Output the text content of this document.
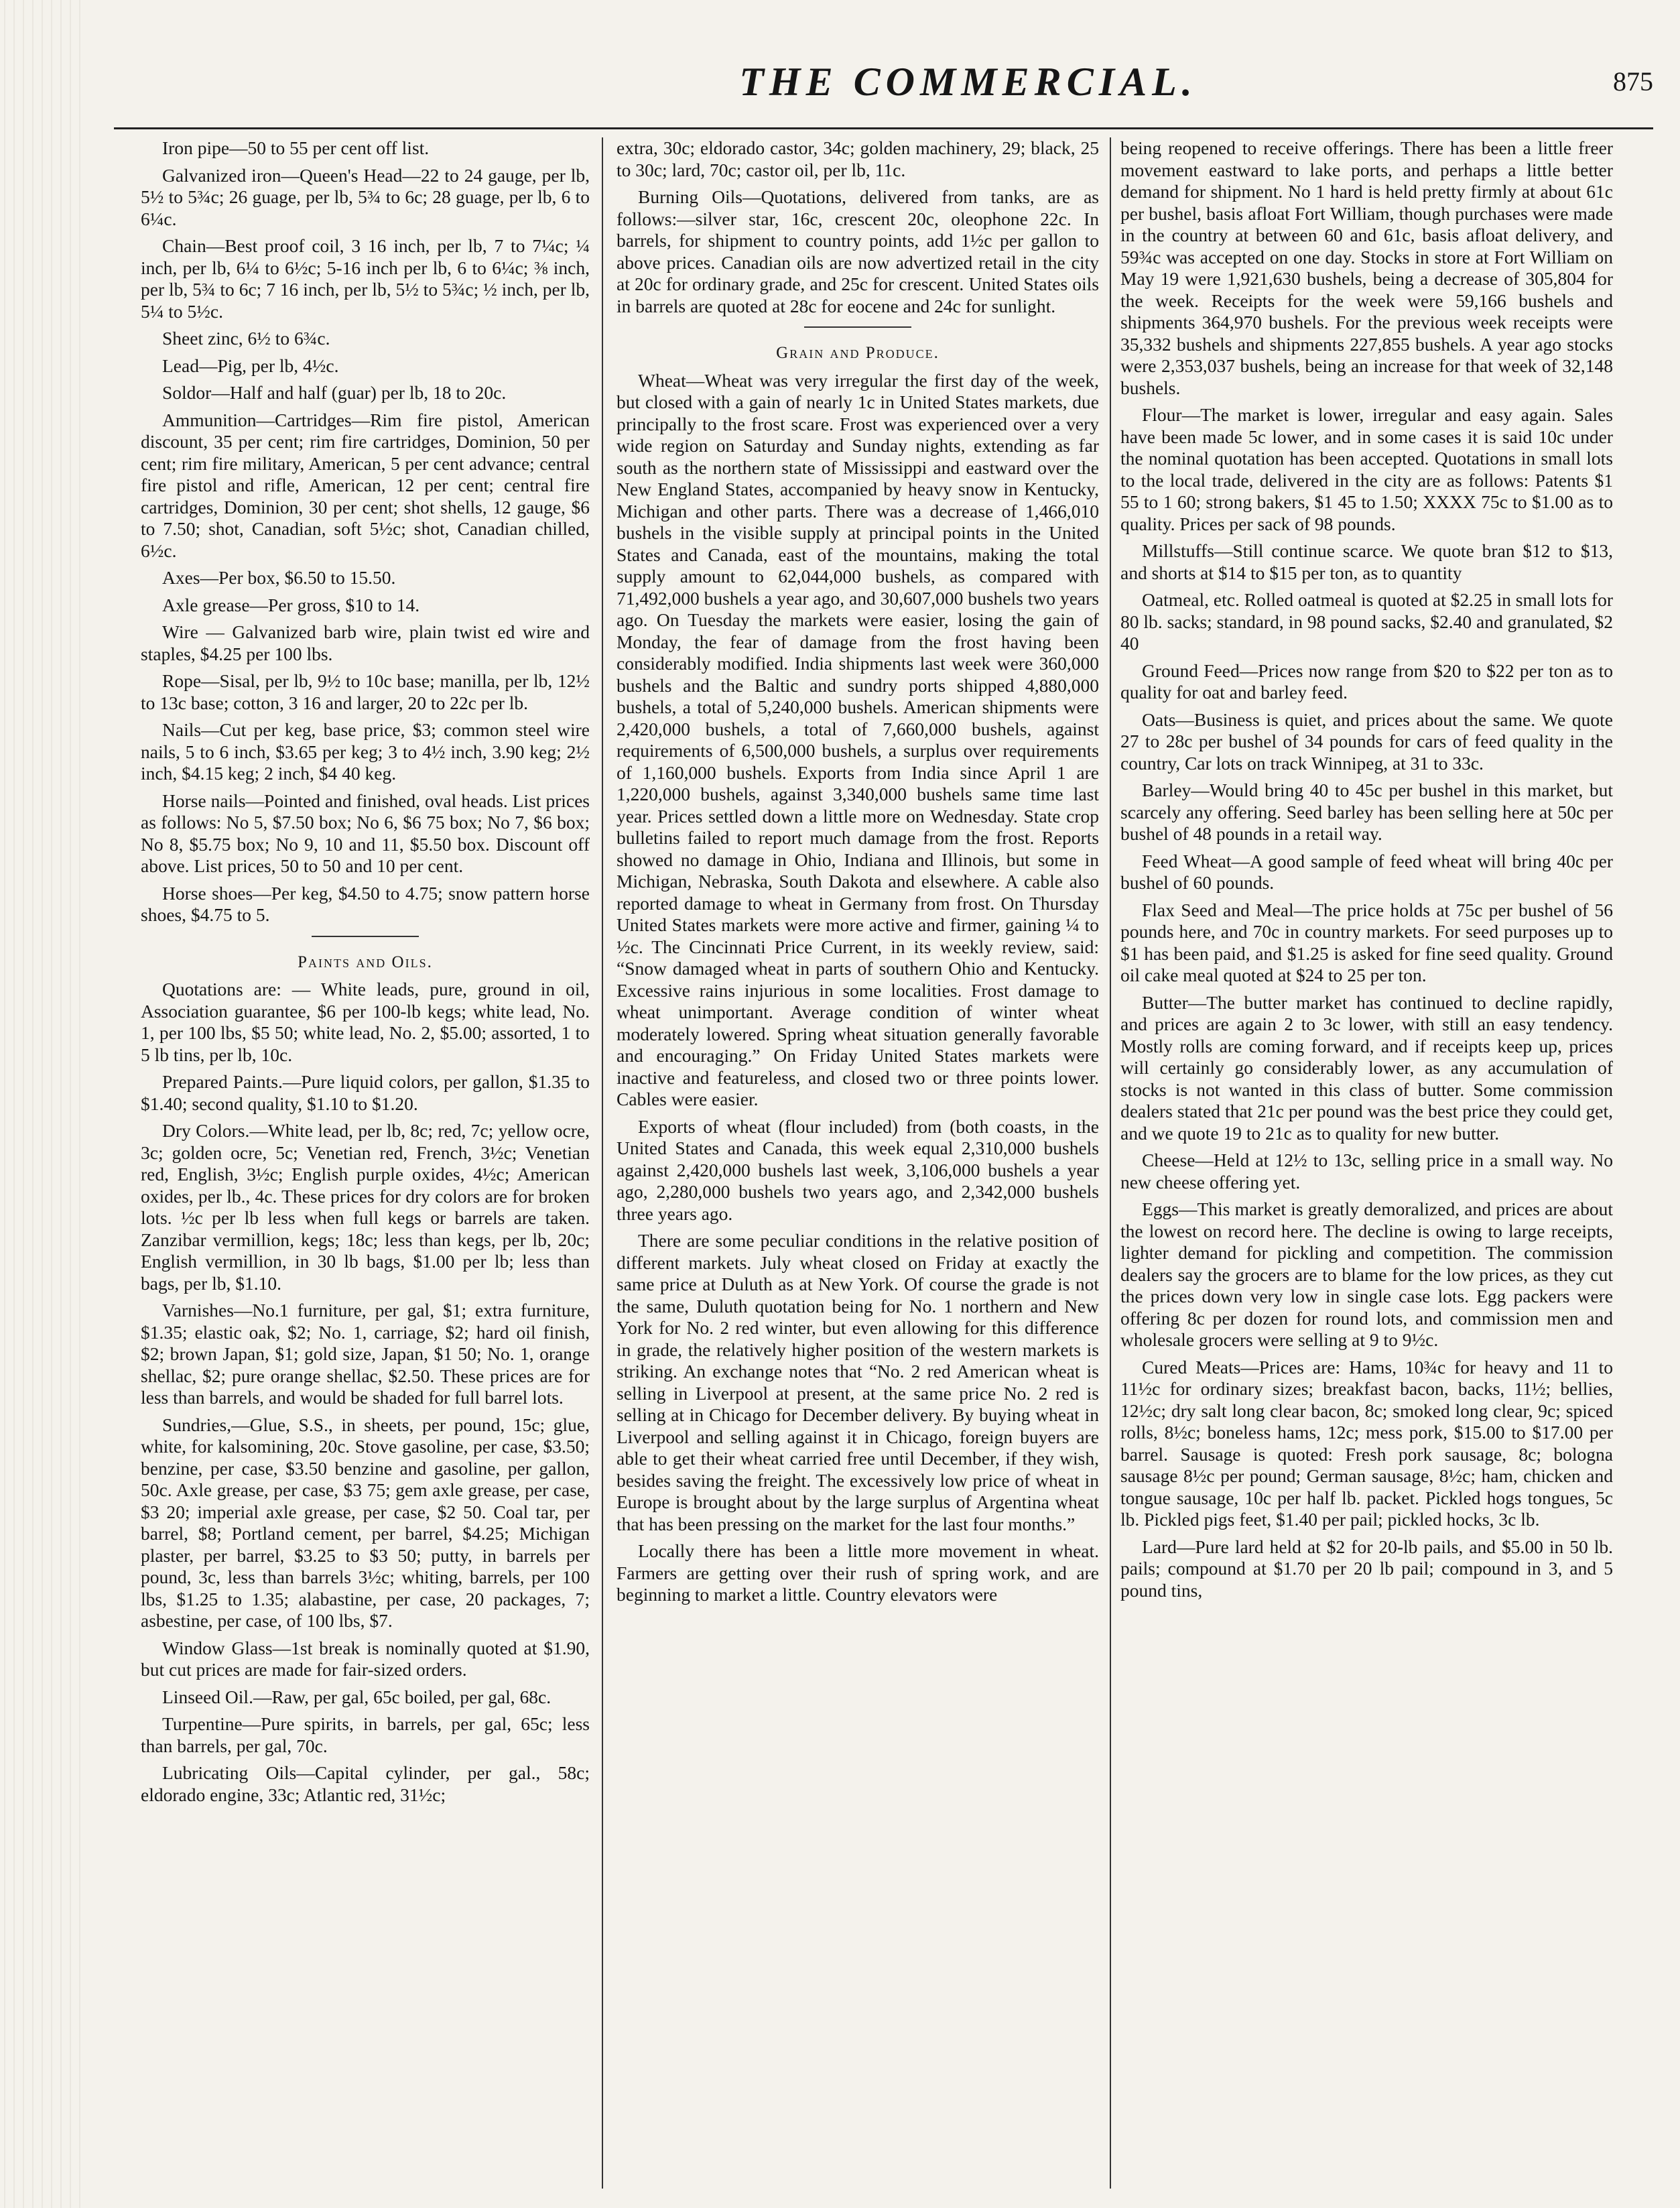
THE COMMERCIAL.	875

Iron pipe—50 to 55 per cent off list.

Galvanized iron—Queen's Head—22 to 24 gauge, per lb, 5½ to 5¾c; 26 guage, per lb, 5¾ to 6c; 28 guage, per lb, 6 to 6¼c.

Chain—Best proof coil, 3 16 inch, per lb, 7 to 7¼c; ¼ inch, per lb, 6¼ to 6½c; 5-16 inch per lb, 6 to 6¼c; ⅜ inch, per lb, 5¾ to 6c; 7 16 inch, per lb, 5½ to 5¾c; ½ inch, per lb, 5¼ to 5½c.

Sheet zinc, 6½ to 6¾c.

Lead—Pig, per lb, 4½c.

Soldor—Half and half (guar) per lb, 18 to 20c.

Ammunition—Cartridges—Rim fire pistol, American discount, 35 per cent; rim fire cartridges, Dominion, 50 per cent; rim fire military, American, 5 per cent advance; central fire pistol and rifle, American, 12 per cent; central fire cartridges, Dominion, 30 per cent; shot shells, 12 gauge, $6 to 7.50; shot, Canadian, soft 5½c; shot, Canadian chilled, 6½c.

Axes—Per box, $6.50 to 15.50.

Axle grease—Per gross, $10 to 14.

Wire — Galvanized barb wire, plain twist ed wire and staples, $4.25 per 100 lbs.

Rope—Sisal, per lb, 9½ to 10c base; manilla, per lb, 12½ to 13c base; cotton, 3 16 and larger, 20 to 22c per lb.

Nails—Cut per keg, base price, $3; common steel wire nails, 5 to 6 inch, $3.65 per keg; 3 to 4½ inch, 3.90 keg; 2½ inch, $4.15 keg; 2 inch, $4 40 keg.

Horse nails—Pointed and finished, oval heads. List prices as follows: No 5, $7.50 box; No 6, $6 75 box; No 7, $6 box; No 8, $5.75 box; No 9, 10 and 11, $5.50 box. Discount off above. List prices, 50 to 50 and 10 per cent.

Horse shoes—Per keg, $4.50 to 4.75; snow pattern horse shoes, $4.75 to 5.

Paints and Oils.

Quotations are: — White leads, pure, ground in oil, Association guarantee, $6 per 100-lb kegs; white lead, No. 1, per 100 lbs, $5 50; white lead, No. 2, $5.00; assorted, 1 to 5 lb tins, per lb, 10c.

Prepared Paints.—Pure liquid colors, per gallon, $1.35 to $1.40; second quality, $1.10 to $1.20.

Dry Colors.—White lead, per lb, 8c; red, 7c; yellow ocre, 3c; golden ocre, 5c; Venetian red, French, 3½c; Venetian red, English, 3½c; English purple oxides, 4½c; American oxides, per lb., 4c. These prices for dry colors are for broken lots. ½c per lb less when full kegs or barrels are taken. Zanzibar vermillion, kegs; 18c; less than kegs, per lb, 20c; English vermillion, in 30 lb bags, $1.00 per lb; less than bags, per lb, $1.10.

Varnishes—No.1 furniture, per gal, $1; extra furniture, $1.35; elastic oak, $2; No. 1, carriage, $2; hard oil finish, $2; brown Japan, $1; gold size, Japan, $1 50; No. 1, orange shellac, $2; pure orange shellac, $2.50. These prices are for less than barrels, and would be shaded for full barrel lots.

Sundries,—Glue, S.S., in sheets, per pound, 15c; glue, white, for kalsomining, 20c. Stove gasoline, per case, $3.50; benzine, per case, $3.50 benzine and gasoline, per gallon, 50c. Axle grease, per case, $3 75; gem axle grease, per case, $3 20; imperial axle grease, per case, $2 50. Coal tar, per barrel, $8; Portland cement, per barrel, $4.25; Michigan plaster, per barrel, $3.25 to $3 50; putty, in barrels per pound, 3c, less than barrels 3½c; whiting, barrels, per 100 lbs, $1.25 to 1.35; alabastine, per case, 20 packages, 7; asbestine, per case, of 100 lbs, $7.

Window Glass—1st break is nominally quoted at $1.90, but cut prices are made for fair-sized orders.

Linseed Oil.—Raw, per gal, 65c boiled, per gal, 68c.

Turpentine—Pure spirits, in barrels, per gal, 65c; less than barrels, per gal, 70c.

Lubricating Oils—Capital cylinder, per gal., 58c; eldorado engine, 33c; Atlantic red, 31½c;

extra, 30c; eldorado castor, 34c; golden machinery, 29; black, 25 to 30c; lard, 70c; castor oil, per lb, 11c.

Burning Oils—Quotations, delivered from tanks, are as follows:—silver star, 16c, crescent 20c, oleophone 22c. In barrels, for shipment to country points, add 1½c per gallon to above prices. Canadian oils are now advertized retail in the city at 20c for ordinary grade, and 25c for crescent. United States oils in barrels are quoted at 28c for eocene and 24c for sunlight.

Grain and Produce.

Wheat—Wheat was very irregular the first day of the week, but closed with a gain of nearly 1c in United States markets, due principally to the frost scare. Frost was experienced over a very wide region on Saturday and Sunday nights, extending as far south as the northern state of Mississippi and eastward over the New England States, accompanied by heavy snow in Kentucky, Michigan and other parts. There was a decrease of 1,466,010 bushels in the visible supply at principal points in the United States and Canada, east of the mountains, making the total supply amount to 62,044,000 bushels, as compared with 71,492,000 bushels a year ago, and 30,607,000 bushels two years ago. On Tuesday the markets were easier, losing the gain of Monday, the fear of damage from the frost having been considerably modified. India shipments last week were 360,000 bushels and the Baltic and sundry ports shipped 4,880,000 bushels, a total of 5,240,000 bushels. American shipments were 2,420,000 bushels, a total of 7,660,000 bushels, against requirements of 6,500,000 bushels, a surplus over requirements of 1,160,000 bushels. Exports from India since April 1 are 1,220,000 bushels, against 3,340,000 bushels same time last year. Prices settled down a little more on Wednesday. State crop bulletins failed to report much damage from the frost. Reports showed no damage in Ohio, Indiana and Illinois, but some in Michigan, Nebraska, South Dakota and elsewhere. A cable also reported damage to wheat in Germany from frost. On Thursday United States markets were more active and firmer, gaining ¼ to ½c. The Cincinnati Price Current, in its weekly review, said: “Snow damaged wheat in parts of southern Ohio and Kentucky. Excessive rains injurious in some localities. Frost damage to wheat unimportant. Average condition of winter wheat moderately lowered. Spring wheat situation generally favorable and encouraging.” On Friday United States markets were inactive and featureless, and closed two or three points lower. Cables were easier.

Exports of wheat (flour included) from (both coasts, in the United States and Canada, this week equal 2,310,000 bushels against 2,420,000 bushels last week, 3,106,000 bushels a year ago, 2,280,000 bushels two years ago, and 2,342,000 bushels three years ago.

There are some peculiar conditions in the relative position of different markets. July wheat closed on Friday at exactly the same price at Duluth as at New York. Of course the grade is not the same, Duluth quotation being for No. 1 northern and New York for No. 2 red winter, but even allowing for this difference in grade, the relatively higher position of the western markets is striking. An exchange notes that “No. 2 red American wheat is selling in Liverpool at present, at the same price No. 2 red is selling at in Chicago for December delivery. By buying wheat in Liverpool and selling against it in Chicago, foreign buyers are able to get their wheat carried free until December, if they wish, besides saving the freight. The excessively low price of wheat in Europe is brought about by the large surplus of Argentina wheat that has been pressing on the market for the last four months.”

Locally there has been a little more movement in wheat. Farmers are getting over their rush of spring work, and are beginning to market a little. Country elevators were

being reopened to receive offerings. There has been a little freer movement eastward to lake ports, and perhaps a little better demand for shipment. No 1 hard is held pretty firmly at about 61c per bushel, basis afloat Fort William, though purchases were made in the country at between 60 and 61c, basis afloat delivery, and 59¾c was accepted on one day. Stocks in store at Fort William on May 19 were 1,921,630 bushels, being a decrease of 305,804 for the week. Receipts for the week were 59,166 bushels and shipments 364,970 bushels. For the previous week receipts were 35,332 bushels and shipments 227,855 bushels. A year ago stocks were 2,353,037 bushels, being an increase for that week of 32,148 bushels.

Flour—The market is lower, irregular and easy again. Sales have been made 5c lower, and in some cases it is said 10c under the nominal quotation has been accepted. Quotations in small lots to the local trade, delivered in the city are as follows: Patents $1 55 to 1 60; strong bakers, $1 45 to 1.50; XXXX 75c to $1.00 as to quality. Prices per sack of 98 pounds.

Millstuffs—Still continue scarce. We quote bran $12 to $13, and shorts at $14 to $15 per ton, as to quantity

Oatmeal, etc. Rolled oatmeal is quoted at $2.25 in small lots for 80 lb. sacks; standard, in 98 pound sacks, $2.40 and granulated, $2 40

Ground Feed—Prices now range from $20 to $22 per ton as to quality for oat and barley feed.

Oats—Business is quiet, and prices about the same. We quote 27 to 28c per bushel of 34 pounds for cars of feed quality in the country, Car lots on track Winnipeg, at 31 to 33c.

Barley—Would bring 40 to 45c per bushel in this market, but scarcely any offering. Seed barley has been selling here at 50c per bushel of 48 pounds in a retail way.

Feed Wheat—A good sample of feed wheat will bring 40c per bushel of 60 pounds.

Flax Seed and Meal—The price holds at 75c per bushel of 56 pounds here, and 70c in country markets. For seed purposes up to $1 has been paid, and $1.25 is asked for fine seed quality. Ground oil cake meal quoted at $24 to 25 per ton.

Butter—The butter market has continued to decline rapidly, and prices are again 2 to 3c lower, with still an easy tendency. Mostly rolls are coming forward, and if receipts keep up, prices will certainly go considerably lower, as any accumulation of stocks is not wanted in this class of butter. Some commission dealers stated that 21c per pound was the best price they could get, and we quote 19 to 21c as to quality for new butter.

Cheese—Held at 12½ to 13c, selling price in a small way. No new cheese offering yet.

Eggs—This market is greatly demoralized, and prices are about the lowest on record here. The decline is owing to large receipts, lighter demand for pickling and competition. The commission dealers say the grocers are to blame for the low prices, as they cut the prices down very low in single case lots. Egg packers were offering 8c per dozen for round lots, and commission men and wholesale grocers were selling at 9 to 9½c.

Cured Meats—Prices are: Hams, 10¾c for heavy and 11 to 11½c for ordinary sizes; breakfast bacon, backs, 11½; bellies, 12½c; dry salt long clear bacon, 8c; smoked long clear, 9c; spiced rolls, 8½c; boneless hams, 12c; mess pork, $15.00 to $17.00 per barrel. Sausage is quoted: Fresh pork sausage, 8c; bologna sausage 8½c per pound; German sausage, 8½c; ham, chicken and tongue sausage, 10c per half lb. packet. Pickled hogs tongues, 5c lb. Pickled pigs feet, $1.40 per pail; pickled hocks, 3c lb.

Lard—Pure lard held at $2 for 20-lb pails, and $5.00 in 50 lb. pails; compound at $1.70 per 20 lb pail; compound in 3, and 5 pound tins,
